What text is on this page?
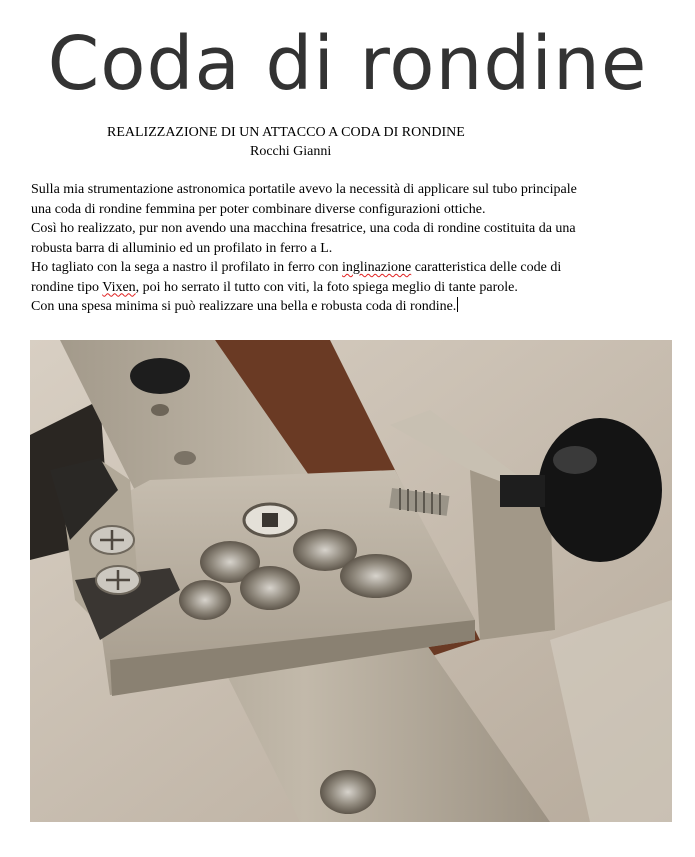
Coda di rondine
REALIZZAZIONE DI UN ATTACCO A CODA DI RONDINE
Rocchi Gianni
Sulla mia strumentazione astronomica portatile avevo la necessità di applicare sul tubo principale
una coda di rondine femmina per poter combinare diverse configurazioni ottiche.
Così ho realizzato, pur non avendo una macchina fresatrice, una coda di rondine costituita da una
robusta barra di alluminio ed un profilato in ferro a L.
Ho tagliato con la sega a nastro il profilato in ferro con inglinazione caratteristica delle code di
rondine tipo Vixen, poi ho serrato il tutto con viti, la foto spiega meglio di tante parole.
Con una spesa minima si può realizzare una bella e robusta coda di rondine.
